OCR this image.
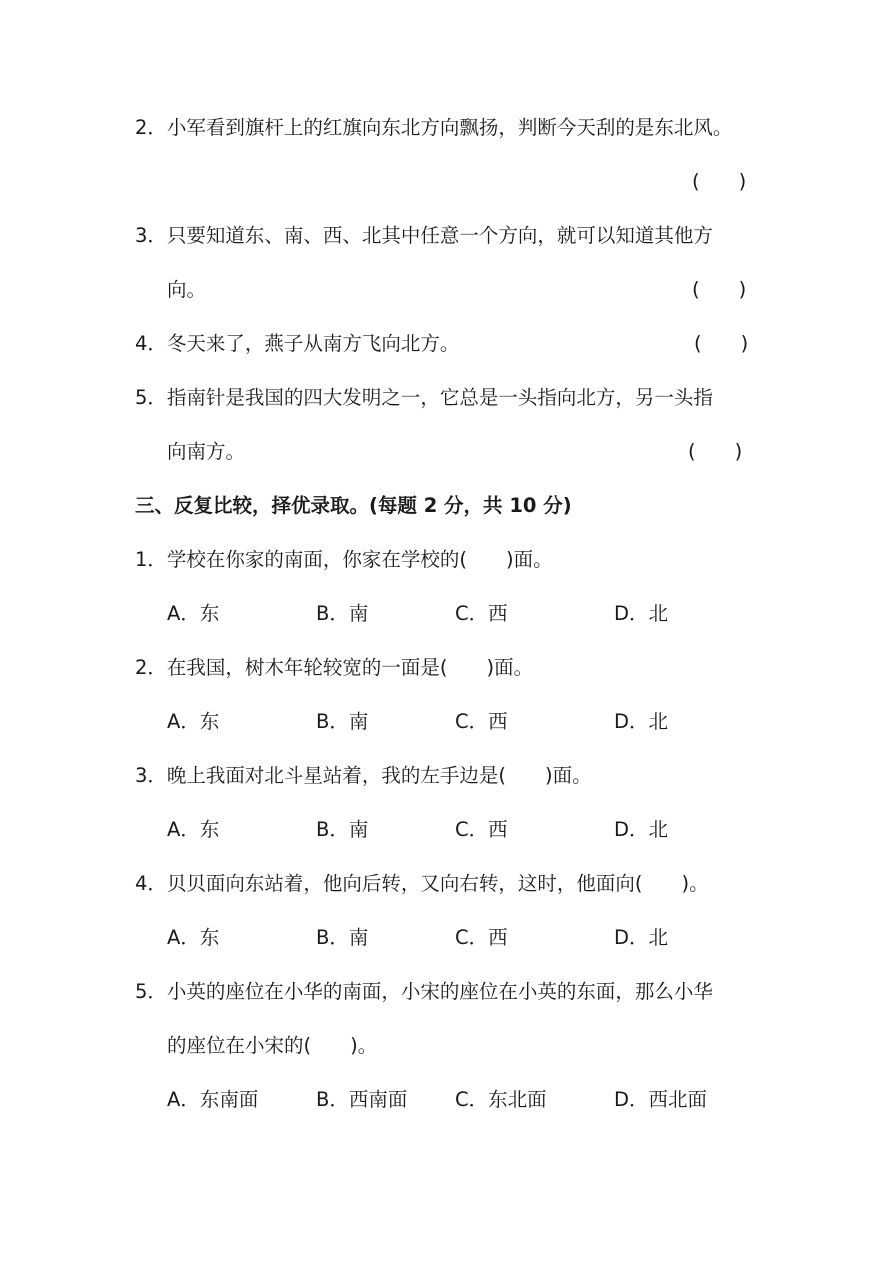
2．小军看到旗杆上的红旗向东北方向飘扬，判断今天刮的是东北风。
(　　)
3．只要知道东、南、西、北其中任意一个方向，就可以知道其他方
向。	(　　)
4．冬天来了，燕子从南方飞向北方。	(　　)
5．指南针是我国的四大发明之一，它总是一头指向北方，另一头指
向南方。	(　　)
三、反复比较，择优录取。(每题 2 分，共 10 分)
1．学校在你家的南面，你家在学校的(　　)面。
A．东	B．南	C．西	D．北
2．在我国，树木年轮较宽的一面是(　　)面。
A．东	B．南	C．西	D．北
3．晚上我面对北斗星站着，我的左手边是(　　)面。
A．东	B．南	C．西	D．北
4．贝贝面向东站着，他向后转，又向右转，这时，他面向(　　)。
A．东	B．南	C．西	D．北
5．小英的座位在小华的南面，小宋的座位在小英的东面，那么小华
的座位在小宋的(　　)。
A．东南面	B．西南面 C．东北面	D．西北面
